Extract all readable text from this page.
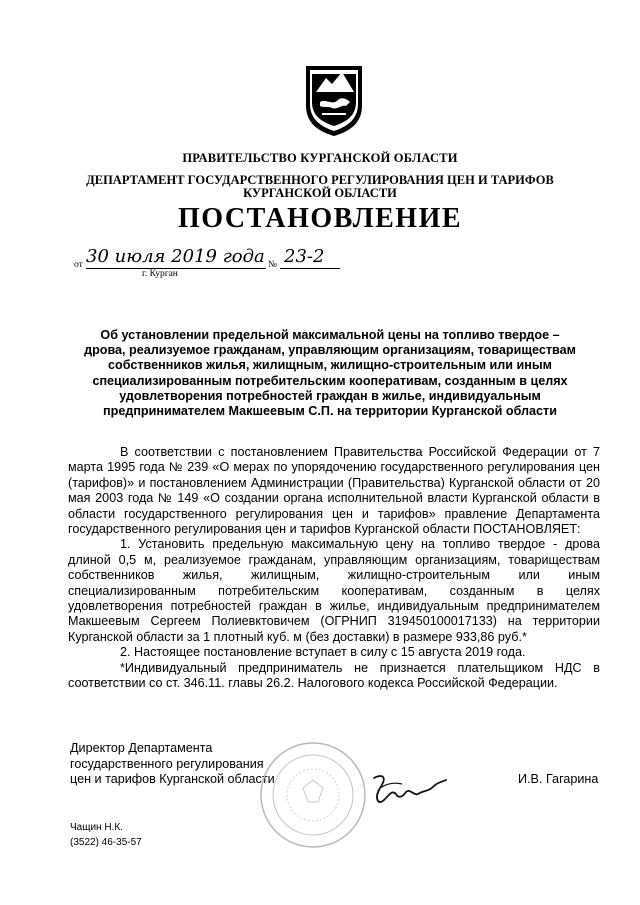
ПРАВИТЕЛЬСТВО КУРГАНСКОЙ ОБЛАСТИ
ДЕПАРТАМЕНТ ГОСУДАРСТВЕННОГО РЕГУЛИРОВАНИЯ ЦЕН И ТАРИФОВ
КУРГАНСКОЙ ОБЛАСТИ
ПОСТАНОВЛЕНИЕ
от 30 июля 2019 года № 23-2
г. Курган
Об установлении предельной максимальной цены на топливо твердое – дрова, реализуемое гражданам, управляющим организациям, товариществам собственников жилья, жилищным, жилищно-строительным или иным специализированным потребительским кооперативам, созданным в целях удовлетворения потребностей граждан в жилье, индивидуальным предпринимателем Макшеевым С.П. на территории Курганской области

В соответствии с постановлением Правительства Российской Федерации от 7 марта 1995 года № 239 «О мерах по упорядочению государственного регулирования цен (тарифов)» и постановлением Администрации (Правительства) Курганской области от 20 мая 2003 года № 149 «О создании органа исполнительной власти Курганской области в области государственного регулирования цен и тарифов» правление Департамента государственного регулирования цен и тарифов Курганской области ПОСТАНОВЛЯЕТ:

1. Установить предельную максимальную цену на топливо твердое - дрова длиной 0,5 м, реализуемое гражданам, управляющим организациям, товариществам собственников жилья, жилищным, жилищно-строительным или иным специализированным потребительским кооперативам, созданным в целях удовлетворения потребностей граждан в жилье, индивидуальным предпринимателем Макшеевым Сергеем Полиевктовичем (ОГРНИП 319450100017133) на территории Курганской области за 1 плотный куб. м (без доставки) в размере 933,86 руб.*

2. Настоящее постановление вступает в силу с 15 августа 2019 года.

*Индивидуальный предприниматель не признается плательщиком НДС в соответствии со ст. 346.11. главы 26.2. Налогового кодекса Российской Федерации.

Директор Департамента
государственного регулирования
цен и тарифов Курганской области	И.В. Гагарина
Чащин Н.К.
(3522) 46-35-57
